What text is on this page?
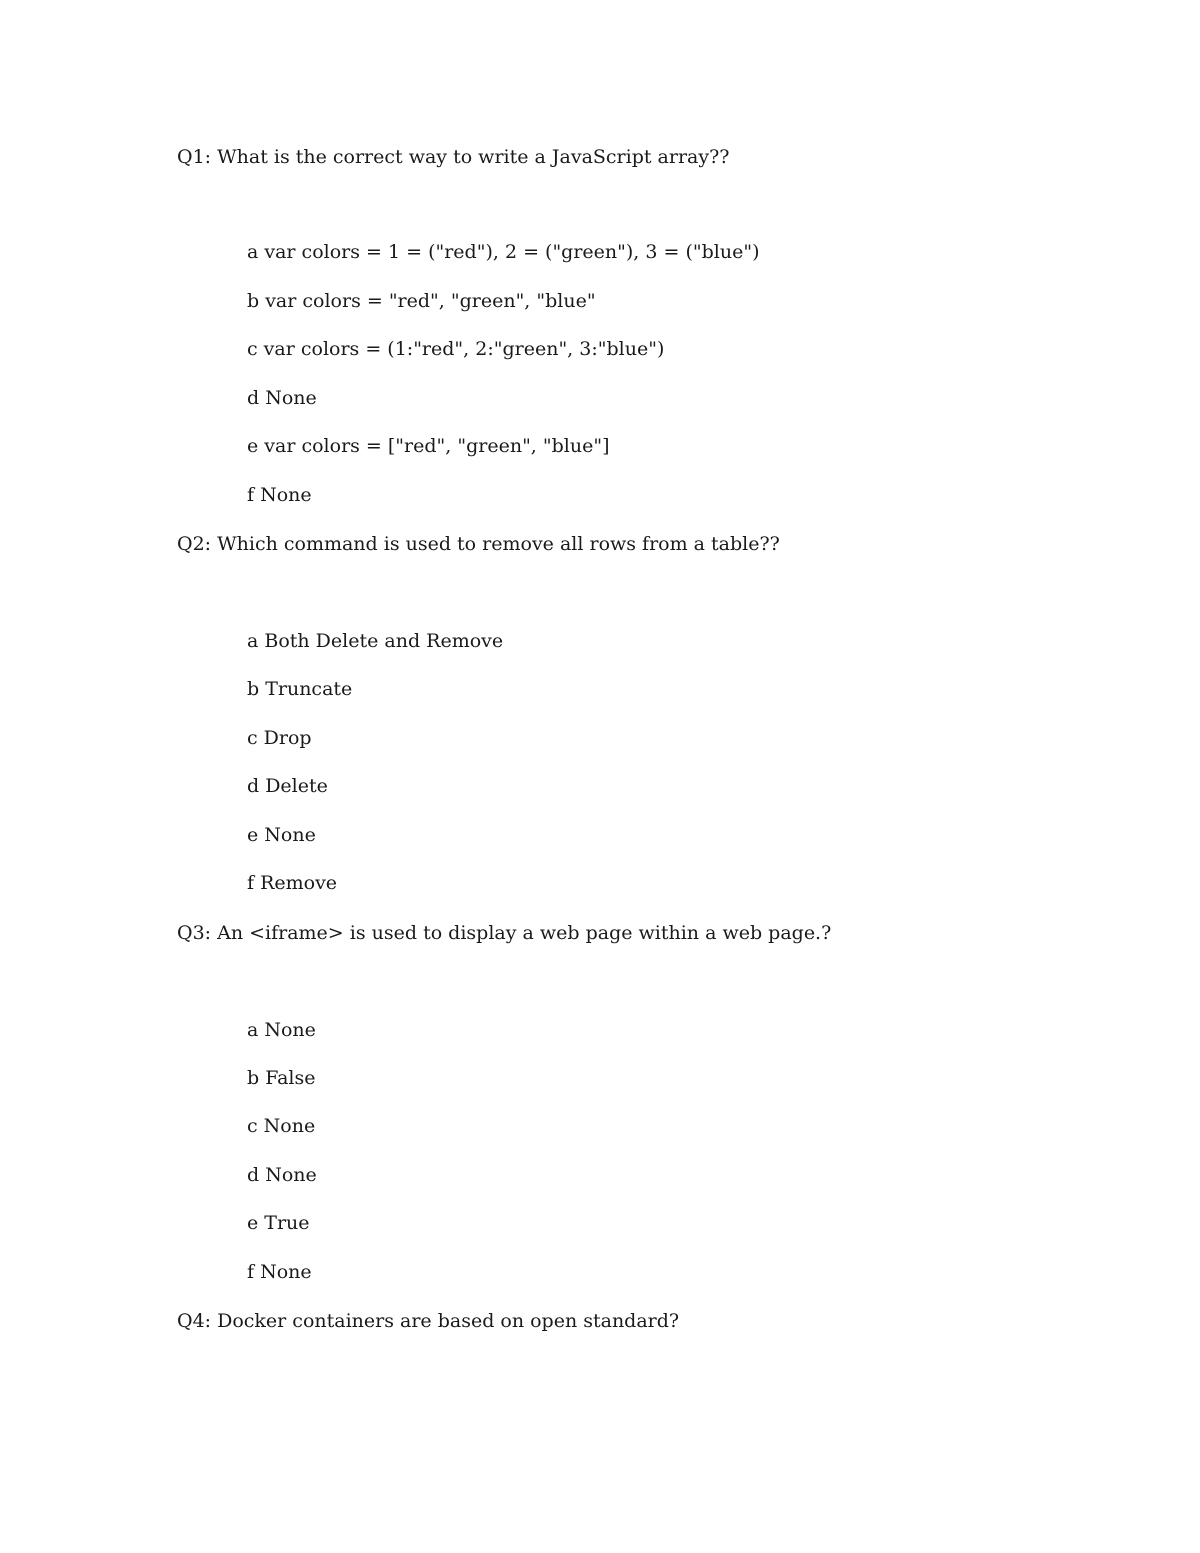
Q1: What is the correct way to write a JavaScript array??
a var colors = 1 = ("red"), 2 = ("green"), 3 = ("blue")
b var colors = "red", "green", "blue"
c var colors = (1:"red", 2:"green", 3:"blue")
d None
e var colors = ["red", "green", "blue"]
f None
Q2: Which command is used to remove all rows from a table??
a Both Delete and Remove
b Truncate
c Drop
d Delete
e None
f Remove
Q3: An <iframe> is used to display a web page within a web page.?
a None
b False
c None
d None
e True
f None
Q4: Docker containers are based on open standard?
